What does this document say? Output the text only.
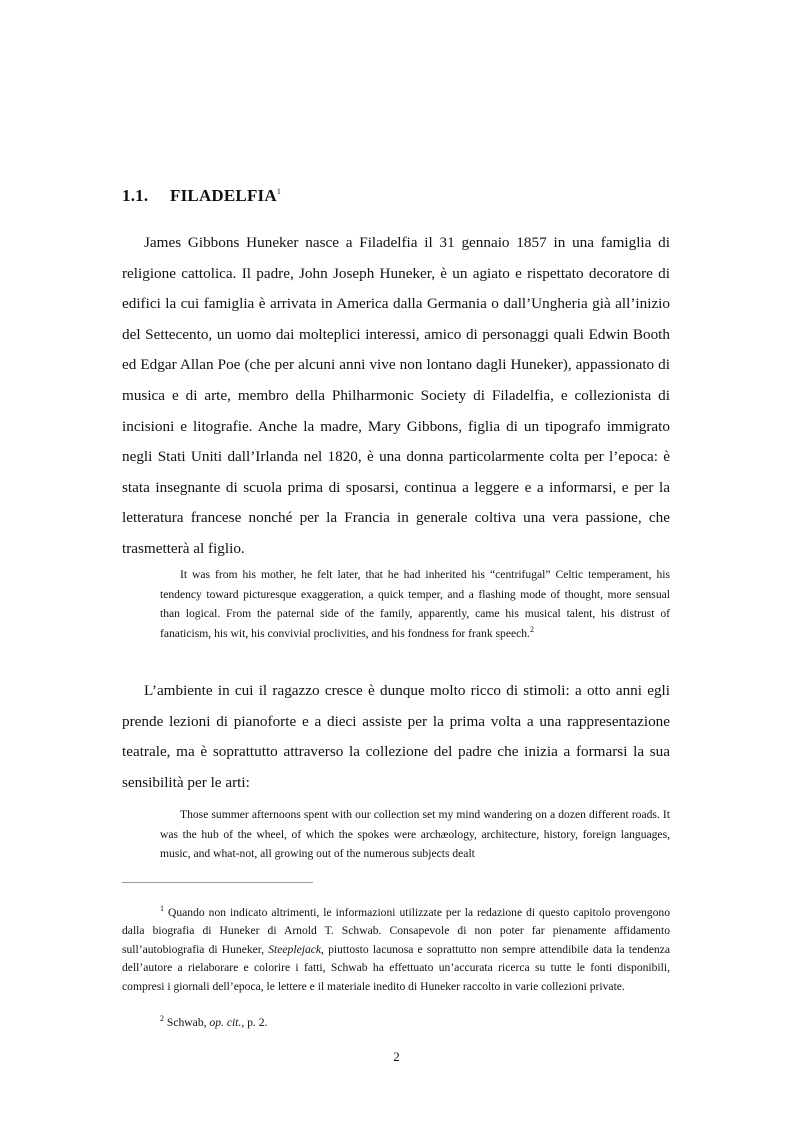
1.1. FILADELFIA$^1$

James Gibbons Huneker nasce a Filadelfia il 31 gennaio 1857 in una famiglia di religione cattolica. Il padre, John Joseph Huneker, è un agiato e rispettato decoratore di edifici la cui famiglia è arrivata in America dalla Germania o dall’Ungheria già all’inizio del Settecento, un uomo dai molteplici interessi, amico di personaggi quali Edwin Booth ed Edgar Allan Poe (che per alcuni anni vive non lontano dagli Huneker), appassionato di musica e di arte, membro della Philharmonic Society di Filadelfia, e collezionista di incisioni e litografie. Anche la madre, Mary Gibbons, figlia di un tipografo immigrato negli Stati Uniti dall’Irlanda nel 1820, è una donna particolarmente colta per l’epoca: è stata insegnante di scuola prima di sposarsi, continua a leggere e a informarsi, e per la letteratura francese nonché per la Francia in generale coltiva una vera passione, che trasmetterà al figlio.

It was from his mother, he felt later, that he had inherited his “centrifugal” Celtic temperament, his tendency toward picturesque exaggeration, a quick temper, and a flashing mode of thought, more sensual than logical. From the paternal side of the family, apparently, came his musical talent, his distrust of fanaticism, his wit, his convivial proclivities, and his fondness for frank speech.$^2$

L’ambiente in cui il ragazzo cresce è dunque molto ricco di stimoli: a otto anni egli prende lezioni di pianoforte e a dieci assiste per la prima volta a una rappresentazione teatrale, ma è soprattutto attraverso la collezione del padre che inizia a formarsi la sua sensibilità per le arti:

Those summer afternoons spent with our collection set my mind wandering on a dozen different roads. It was the hub of the wheel, of which the spokes were archæology, architecture, history, foreign languages, music, and what-not, all growing out of the numerous subjects dealt

$^1$ Quando non indicato altrimenti, le informazioni utilizzate per la redazione di questo capitolo provengono dalla biografia di Huneker di Arnold T. Schwab. Consapevole di non poter far pienamente affidamento sull’autobiografia di Huneker, Steeplejack, piuttosto lacunosa e soprattutto non sempre attendibile data la tendenza dell’autore a rielaborare e colorire i fatti, Schwab ha effettuato un’accurata ricerca su tutte le fonti disponibili, compresi i giornali dell’epoca, le lettere e il materiale inedito di Huneker raccolto in varie collezioni private.

$^2$ Schwab, op. cit., p. 2.

2
